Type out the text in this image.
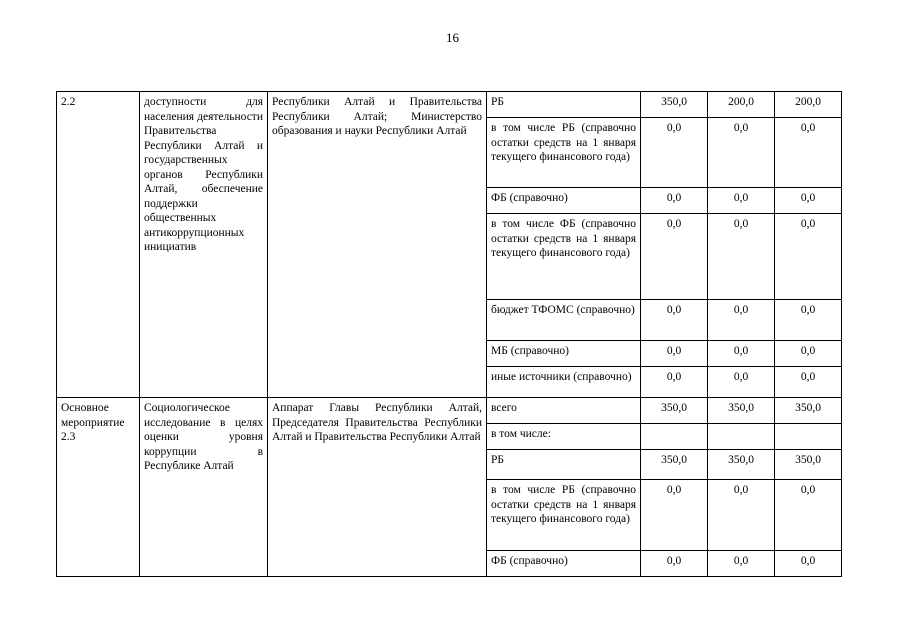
16
2.2	доступности для населения деятельности Правительства Республики Алтай и государственных органов Республики Алтай, обеспечение поддержки общественных антикоррупционных инициатив	Республики Алтай и Правительства Республики Алтай; Министерство образования и науки Республики Алтай	РБ	350,0	200,0	200,0
			в том числе РБ (справочно остатки средств на 1 января текущего финансового года)	0,0	0,0	0,0
			ФБ (справочно)	0,0	0,0	0,0
			в том числе ФБ (справочно остатки средств на 1 января текущего финансового года)	0,0	0,0	0,0
			бюджет ТФОМС (справочно)	0,0	0,0	0,0
			МБ (справочно)	0,0	0,0	0,0
			иные источники (справочно)	0,0	0,0	0,0
Основное мероприятие 2.3	Социологическое исследование в целях оценки уровня коррупции в Республике Алтай	Аппарат Главы Республики Алтай, Председателя Правительства Республики Алтай и Правительства Республики Алтай	всего	350,0	350,0	350,0
			в том числе:			
			РБ	350,0	350,0	350,0
			в том числе РБ (справочно остатки средств на 1 января текущего финансового года)	0,0	0,0	0,0
			ФБ (справочно)	0,0	0,0	0,0
